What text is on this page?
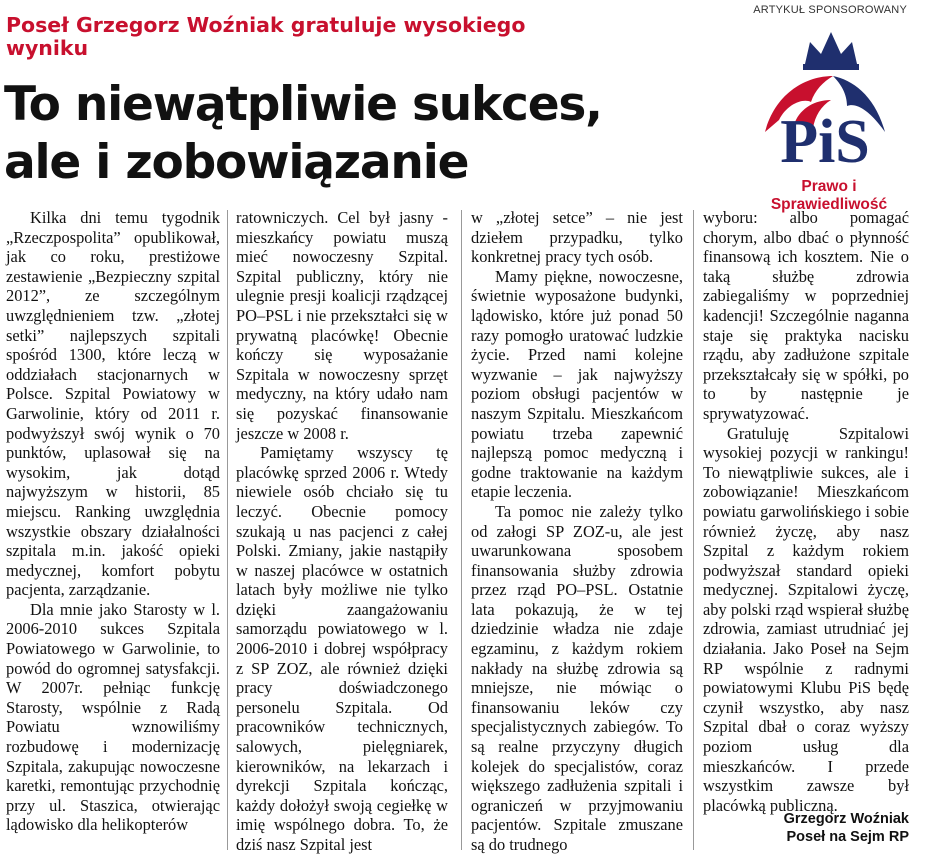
ARTYKUŁ SPONSOROWANY
Poseł Grzegorz Woźniak gratuluje wysokiego wyniku
To niewątpliwie sukces,
ale i zobowiązanie	PiS
Prawo i Sprawiedliwość

Kilka dni temu tygodnik „Rzeczpospolita” opublikował, jak co roku, prestiżowe zestawienie „Bezpieczny szpital 2012”, ze szczególnym uwzględnieniem tzw. „złotej setki” najlepszych szpitali spośród 1300, które leczą w oddziałach stacjonarnych w Polsce. Szpital Powiatowy w Garwolinie, który od 2011 r. podwyższył swój wynik o 70 punktów, uplasował się na wysokim, jak dotąd najwyższym w historii, 85 miejscu. Ranking uwzględnia wszystkie obszary działalności szpitala m.in. jakość opieki medycznej, komfort pobytu pacjenta, zarządzanie.

Dla mnie jako Starosty w l. 2006-2010 sukces Szpitala Powiatowego w Garwolinie, to powód do ogromnej satysfakcji. W 2007r. pełniąc funkcję Starosty, wspólnie z Radą Powiatu wznowiliśmy rozbudowę i modernizację Szpitala, zakupując nowoczesne karetki, remontując przychodnię przy ul. Staszica, otwierając lądowisko dla helikopterów

ratowniczych. Cel był jasny - mieszkańcy powiatu muszą mieć nowoczesny Szpital. Szpital publiczny, który nie ulegnie presji koalicji rządzącej PO–PSL i nie przekształci się w prywatną placówkę! Obecnie kończy się wyposażanie Szpitala w nowoczesny sprzęt medyczny, na który udało nam się pozyskać finansowanie jeszcze w 2008 r.

Pamiętamy wszyscy tę placówkę sprzed 2006 r. Wtedy niewiele osób chciało się tu leczyć. Obecnie pomocy szukają u nas pacjenci z całej Polski. Zmiany, jakie nastąpiły w naszej placówce w ostatnich latach były możliwe nie tylko dzięki zaangażowaniu samorządu powiatowego w l. 2006-2010 i dobrej współpracy z SP ZOZ, ale również dzięki pracy doświadczonego personelu Szpitala. Od pracowników technicznych, salowych, pielęgniarek, kierowników, na lekarzach i dyrekcji Szpitala kończąc, każdy dołożył swoją cegiełkę w imię wspólnego dobra. To, że dziś nasz Szpital jest

w „złotej setce” – nie jest dziełem przypadku, tylko konkretnej pracy tych osób.

Mamy piękne, nowoczesne, świetnie wyposażone budynki, lądowisko, które już ponad 50 razy pomogło uratować ludzkie życie. Przed nami kolejne wyzwanie – jak najwyższy poziom obsługi pacjentów w naszym Szpitalu. Mieszkańcom powiatu trzeba zapewnić najlepszą pomoc medyczną i godne traktowanie na każdym etapie leczenia.

Ta pomoc nie zależy tylko od załogi SP ZOZ-u, ale jest uwarunkowana sposobem finansowania służby zdrowia przez rząd PO–PSL. Ostatnie lata pokazują, że w tej dziedzinie władza nie zdaje egzaminu, z każdym rokiem nakłady na służbę zdrowia są mniejsze, nie mówiąc o finansowaniu leków czy specjalistycznych zabiegów. To są realne przyczyny długich kolejek do specjalistów, coraz większego zadłużenia szpitali i ograniczeń w przyjmowaniu pacjentów. Szpitale zmuszane są do trudnego

wyboru: albo pomagać chorym, albo dbać o płynność finansową ich kosztem. Nie o taką służbę zdrowia zabiegaliśmy w poprzedniej kadencji! Szczególnie naganna staje się praktyka nacisku rządu, aby zadłużone szpitale przekształcały się w spółki, po to by następnie je sprywatyzować.

Gratuluję Szpitalowi wysokiej pozycji w rankingu! To niewątpliwie sukces, ale i zobowiązanie! Mieszkańcom powiatu garwolińskiego i sobie również życzę, aby nasz Szpital z każdym rokiem podwyższał standard opieki medycznej. Szpitalowi życzę, aby polski rząd wspierał służbę zdrowia, zamiast utrudniać jej działania. Jako Poseł na Sejm RP wspólnie z radnymi powiatowymi Klubu PiS będę czynił wszystko, aby nasz Szpital dbał o coraz wyższy poziom usług dla mieszkańców. I przede wszystkim zawsze był placówką publiczną.

Grzegorz Woźniak
Poseł na Sejm RP
